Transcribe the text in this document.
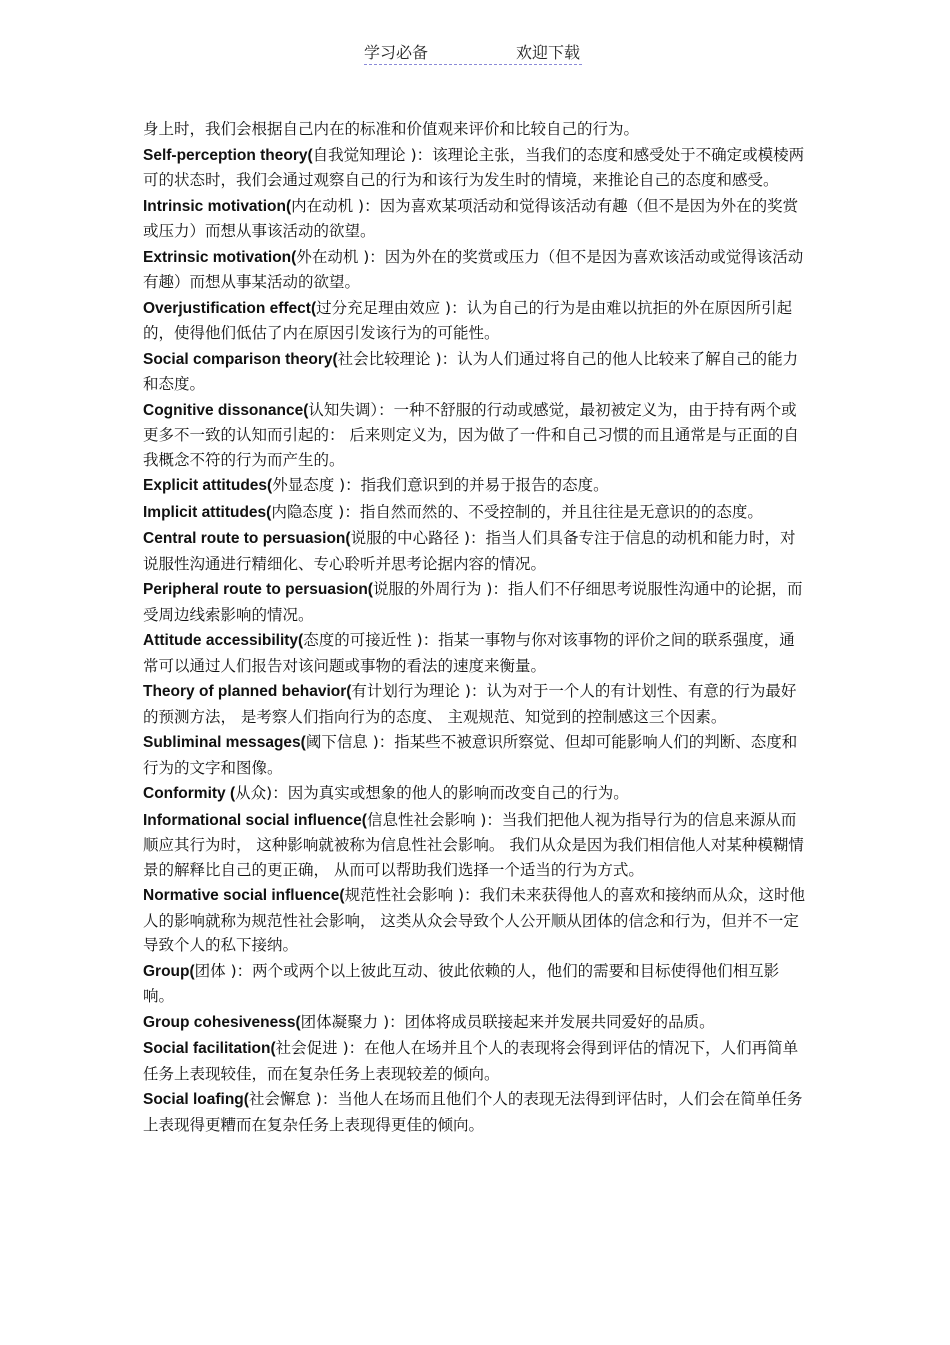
学习必备	欢迎下载

身上时，我们会根据自己内在的标准和价值观来评价和比较自己的行为。

Self-perception theory(自我觉知理论 )：该理论主张，当我们的态度和感受处于不确定或模棱两可的状态时，我们会通过观察自己的行为和该行为发生时的情境，来推论自己的态度和感受。

Intrinsic motivation(内在动机 )：因为喜欢某项活动和觉得该活动有趣（但不是因为外在的奖赏或压力）而想从事该活动的欲望。

Extrinsic motivation(外在动机 )：因为外在的奖赏或压力（但不是因为喜欢该活动或觉得该活动有趣）而想从事某活动的欲望。

Overjustification effect(过分充足理由效应 )：认为自己的行为是由难以抗拒的外在原因所引起的，使得他们低估了内在原因引发该行为的可能性。

Social comparison theory(社会比较理论 )：认为人们通过将自己的他人比较来了解自己的能力和态度。

Cognitive dissonance(认知失调）：一种不舒服的行动或感觉，最初被定义为，由于持有两个或更多不一致的认知而引起的： 后来则定义为，因为做了一件和自己习惯的而且通常是与正面的自我概念不符的行为而产生的。

Explicit attitudes(外显态度 )：指我们意识到的并易于报告的态度。

Implicit attitudes(内隐态度 )：指自然而然的、不受控制的，并且往往是无意识的的态度。

Central route to persuasion(说服的中心路径 )：指当人们具备专注于信息的动机和能力时，对说服性沟通进行精细化、专心聆听并思考论据内容的情况。

Peripheral route to persuasion(说服的外周行为 )：指人们不仔细思考说服性沟通中的论据，而受周边线索影响的情况。

Attitude accessibility(态度的可接近性 )：指某一事物与你对该事物的评价之间的联系强度，通常可以通过人们报告对该问题或事物的看法的速度来衡量。

Theory of planned behavior(有计划行为理论 )：认为对于一个人的有计划性、有意的行为最好的预测方法， 是考察人们指向行为的态度、 主观规范、知觉到的控制感这三个因素。

Subliminal messages(阈下信息 )：指某些不被意识所察觉、但却可能影响人们的判断、态度和行为的文字和图像。

Conformity (从众)：因为真实或想象的他人的影响而改变自己的行为。

Informational social influence(信息性社会影响 )：当我们把他人视为指导行为的信息来源从而顺应其行为时， 这种影响就被称为信息性社会影响。 我们从众是因为我们相信他人对某种模糊情景的解释比自己的更正确， 从而可以帮助我们选择一个适当的行为方式。

Normative social influence(规范性社会影响 )：我们未来获得他人的喜欢和接纳而从众，这时他人的影响就称为规范性社会影响， 这类从众会导致个人公开顺从团体的信念和行为，但并不一定导致个人的私下接纳。

Group(团体 )：两个或两个以上彼此互动、彼此依赖的人，他们的需要和目标使得他们相互影响。

Group cohesiveness(团体凝聚力 )：团体将成员联接起来并发展共同爱好的品质。

Social facilitation(社会促进 )：在他人在场并且个人的表现将会得到评估的情况下，人们再简单任务上表现较佳，而在复杂任务上表现较差的倾向。

Social loafing(社会懈怠 )：当他人在场而且他们个人的表现无法得到评估时，人们会在简单任务上表现得更糟而在复杂任务上表现得更佳的倾向。
